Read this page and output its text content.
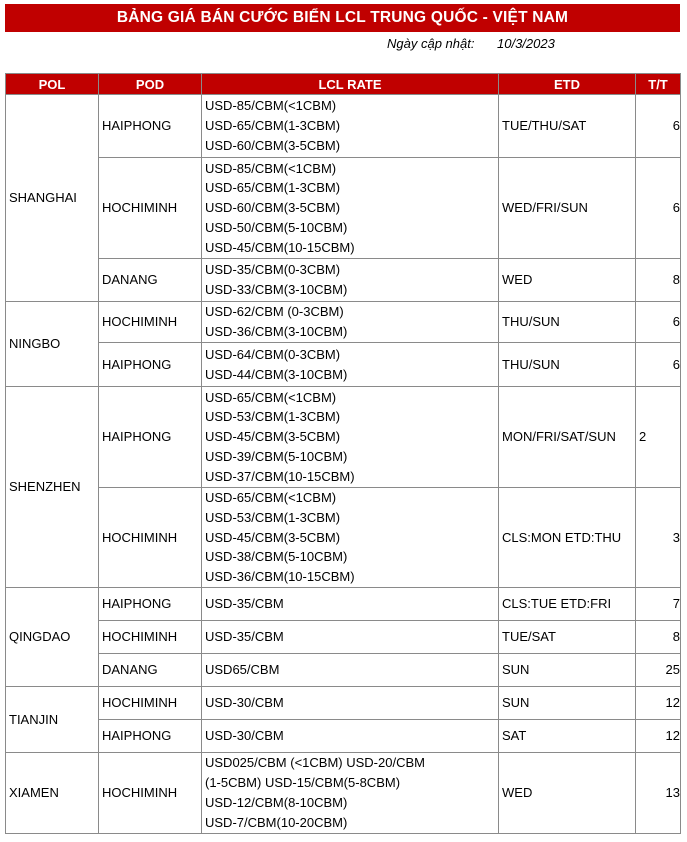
BẢNG GIÁ BÁN CƯỚC BIỂN LCL TRUNG QUỐC - VIỆT NAM
Ngày cập nhật: 10/3/2023
POL	POD	LCL RATE	ETD	T/T
SHANGHAI	HAIPHONG	USD-85/CBM(<1CBM)
USD-65/CBM(1-3CBM)
USD-60/CBM(3-5CBM)	TUE/THU/SAT	6
	HOCHIMINH	USD-85/CBM(<1CBM)
USD-65/CBM(1-3CBM)
USD-60/CBM(3-5CBM)
USD-50/CBM(5-10CBM)
USD-45/CBM(10-15CBM)	WED/FRI/SUN	6
	DANANG	USD-35/CBM(0-3CBM)
USD-33/CBM(3-10CBM)	WED	8
NINGBO	HOCHIMINH	USD-62/CBM (0-3CBM)
USD-36/CBM(3-10CBM)	THU/SUN	6
	HAIPHONG	USD-64/CBM(0-3CBM)
USD-44/CBM(3-10CBM)	THU/SUN	6
SHENZHEN	HAIPHONG	USD-65/CBM(<1CBM)
USD-53/CBM(1-3CBM)
USD-45/CBM(3-5CBM)
USD-39/CBM(5-10CBM)
USD-37/CBM(10-15CBM)	MON/FRI/SAT/SUN	2
	HOCHIMINH	USD-65/CBM(<1CBM)
USD-53/CBM(1-3CBM)
USD-45/CBM(3-5CBM)
USD-38/CBM(5-10CBM)
USD-36/CBM(10-15CBM)	CLS:MON ETD:THU	3
QINGDAO	HAIPHONG	USD-35/CBM	CLS:TUE ETD:FRI	7
	HOCHIMINH	USD-35/CBM	TUE/SAT	8
	DANANG	USD65/CBM	SUN	25
TIANJIN	HOCHIMINH	USD-30/CBM	SUN	12
	HAIPHONG	USD-30/CBM	SAT	12
XIAMEN	HOCHIMINH	USD025/CBM (<1CBM) USD-20/CBM
(1-5CBM) USD-15/CBM(5-8CBM)
USD-12/CBM(8-10CBM)
USD-7/CBM(10-20CBM)	WED	13
